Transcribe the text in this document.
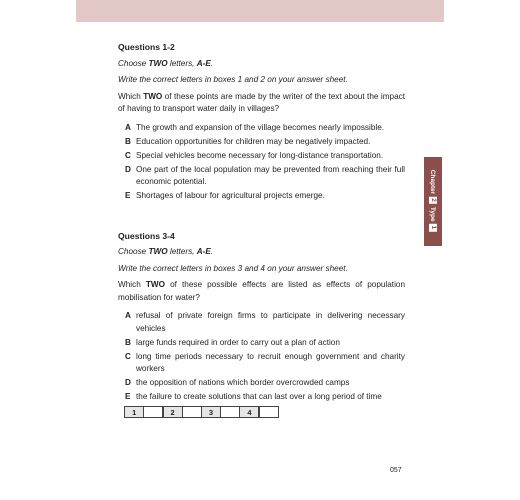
Questions 1-2
Choose TWO letters, A-E.
Write the correct letters in boxes 1 and 2 on your answer sheet.
Which TWO of these points are made by the writer of the text about the impact of having to transport water daily in villages?
A The growth and expansion of the village becomes nearly impossible.
B Education opportunities for children may be negatively impacted.
C Special vehicles become necessary for long-distance transportation.
D One part of the local population may be prevented from reaching their full economic potential.
E Shortages of labour for agricultural projects emerge.
Questions 3-4
Choose TWO letters, A-E.
Write the correct letters in boxes 3 and 4 on your answer sheet.
Which TWO of these possible effects are listed as effects of population mobilisation for water?
A refusal of private foreign firms to participate in delivering necessary vehicles
B large funds required in order to carry out a plan of action
C long time periods necessary to recruit enough government and charity workers
D the opposition of nations which border overcrowded camps
E the failure to create solutions that can last over a long period of time
1	2	3	4
Chapter
2
Type
1
057
